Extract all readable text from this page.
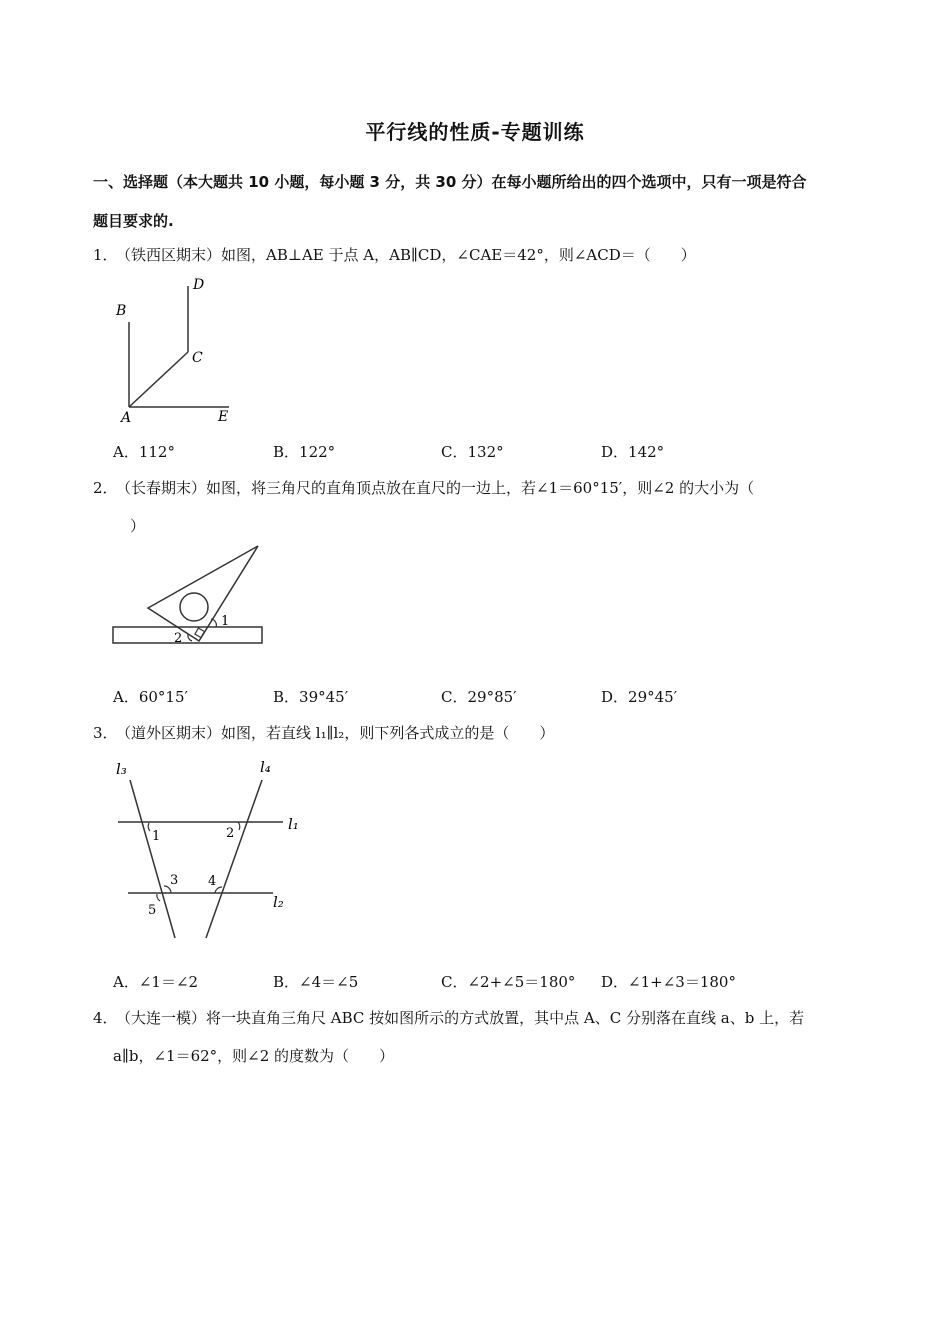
平行线的性质-专题训练
一、选择题（本大题共 10 小题，每小题 3 分，共 30 分）在每小题所给出的四个选项中，只有一项是符合
题目要求的.
1．
（铁西区期末）如图，AB⊥AE 于点 A，AB∥CD，∠CAE＝42°，则∠ACD＝（　　）
B
D
C
A	E
A．112°	B．122°	C．132°	D．142°
2．
（长春期末）如图，将三角尺的直角顶点放在直尺的一边上，若∠1＝60°15′，则∠2 的大小为（
）
1
2
A．60°15′	B．39°45′	C．29°85′	D．29°45′
3．
（道外区期末）如图，若直线 l₁∥l₂，则下列各式成立的是（　　）
l₃	l₄
l₁
l₂
1	2
3 4
5
A．∠1＝∠2	B．∠4＝∠5	C．∠2+∠5＝180° D．∠1+∠3＝180°
4．
（大连一模）将一块直角三角尺 ABC 按如图所示的方式放置，其中点 A、C 分别落在直线 a、b 上，若
a∥b，∠1＝62°，则∠2 的度数为（　　）
